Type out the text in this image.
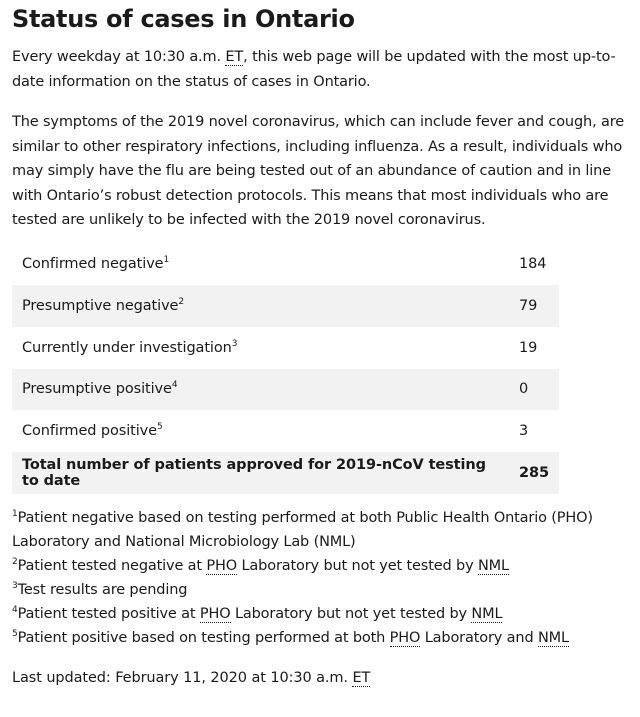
Status of cases in Ontario

Every weekday at 10:30 a.m. ET, this web page will be updated with the most up-to-date information on the status of cases in Ontario.

The symptoms of the 2019 novel coronavirus, which can include fever and cough, are similar to other respiratory infections, including influenza. As a result, individuals who may simply have the flu are being tested out of an abundance of caution and in line with Ontario’s robust detection protocols. This means that most individuals who are tested are unlikely to be infected with the 2019 novel coronavirus.

Confirmed negative$^1$	184
Presumptive negative$^2$	79
Currently under investigation$^3$	19
Presumptive positive$^4$	0
Confirmed positive$^5$	3
Total number of patients approved for 2019-nCoV testing to date	285
$^1$Patient negative based on testing performed at both Public Health Ontario (PHO) Laboratory and National Microbiology Lab (NML)
$^2$Patient tested negative at PHO Laboratory but not yet tested by NML
$^3$Test results are pending
$^4$Patient tested positive at PHO Laboratory but not yet tested by NML
$^5$Patient positive based on testing performed at both PHO Laboratory and NML
Last updated: February 11, 2020 at 10:30 a.m. ET
